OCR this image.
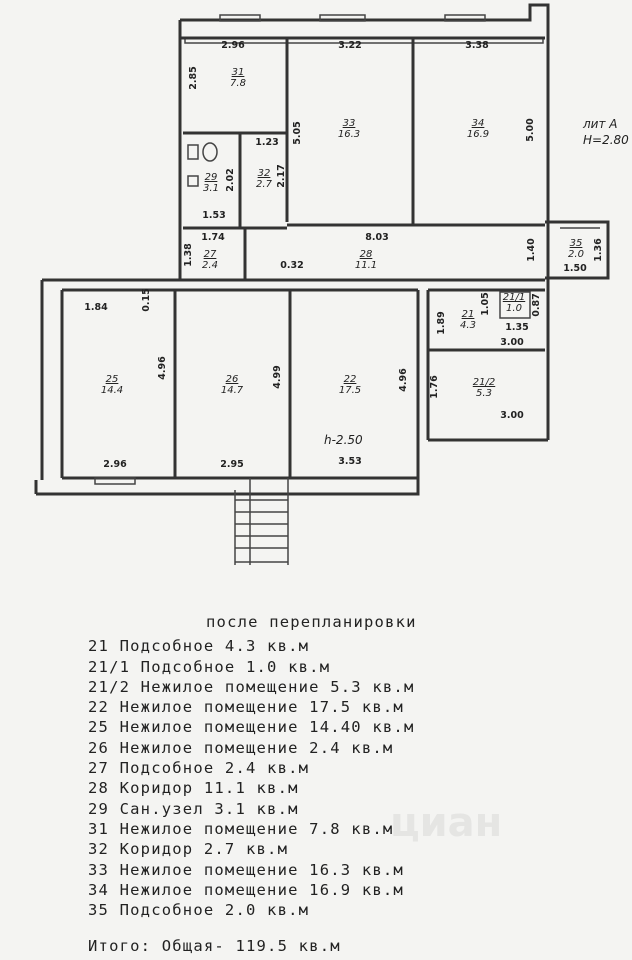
31
7.8
33
16.3
34
16.9
29
3.1
32
2.7
27
2.4
28
11.1
35
2.0
25
14.4
26
14.7
22
17.5
21
4.3
21/1
1.0
21/2
5.3
2.96	3.22	3.38
2.85
1.23 5.05	5.00
2.02	2.17
1.53
1.74	8.03
1.38	0.32
1.40	1.36
1.50
0.15
1.84
4.96	4.99	4.96
1.89
1.05	0.87
1.35
3.00
1.76
3.00
2.96	2.95	3.53
лит А
H=2.80
h-2.50
после перепланировки
21 Подсобное 4.3 кв.м
21/1 Подсобное 1.0 кв.м
21/2 Нежилое помещение 5.3 кв.м
22 Нежилое помещение 17.5 кв.м
25 Нежилое помещение 14.40 кв.м
26 Нежилое помещение 2.4 кв.м
27 Подсобное 2.4 кв.м
28 Коридор 11.1 кв.м
29 Сан.узел 3.1 кв.м
31 Нежилое помещение 7.8 кв.м
32 Коридор 2.7 кв.м
33 Нежилое помещение 16.3 кв.м
34 Нежилое помещение 16.9 кв.м
35 Подсобное 2.0 кв.м
Итого: Общая- 119.5 кв.м
циан
